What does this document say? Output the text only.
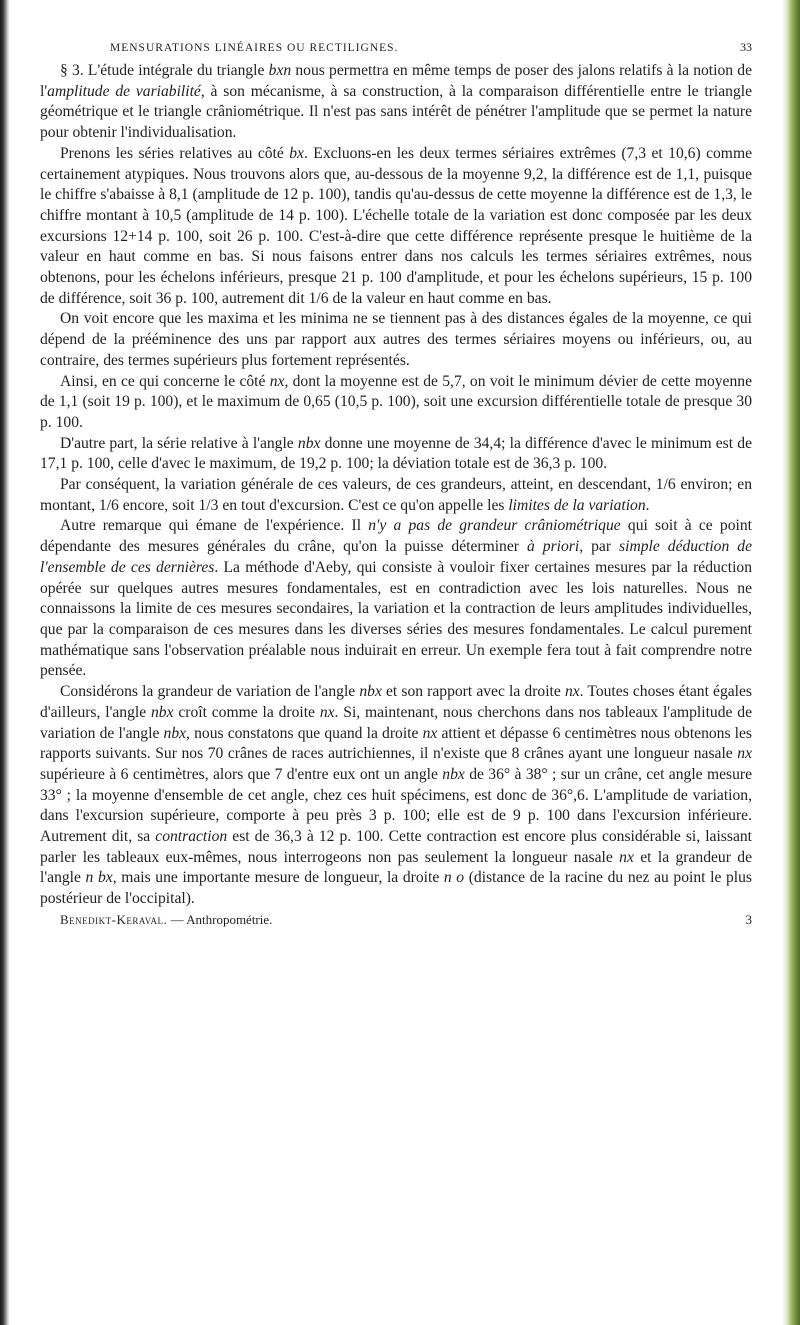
MENSURATIONS LINÉAIRES OU RECTILIGNES.	33

§ 3. L'étude intégrale du triangle bxn nous permettra en même temps de poser des jalons relatifs à la notion de l'amplitude de variabilité, à son mécanisme, à sa construction, à la comparaison différentielle entre le triangle géométrique et le triangle crâniométrique. Il n'est pas sans intérêt de pénétrer l'amplitude que se permet la nature pour obtenir l'individualisation.

Prenons les séries relatives au côté bx. Excluons-en les deux termes sériaires extrêmes (7,3 et 10,6) comme certainement atypiques. Nous trouvons alors que, au-dessous de la moyenne 9,2, la différence est de 1,1, puisque le chiffre s'abaisse à 8,1 (amplitude de 12 p. 100), tandis qu'au-dessus de cette moyenne la différence est de 1,3, le chiffre montant à 10,5 (amplitude de 14 p. 100). L'échelle totale de la variation est donc composée par les deux excursions 12+14 p. 100, soit 26 p. 100. C'est-à-dire que cette différence représente presque le huitième de la valeur en haut comme en bas. Si nous faisons entrer dans nos calculs les termes sériaires extrêmes, nous obtenons, pour les échelons inférieurs, presque 21 p. 100 d'amplitude, et pour les échelons supérieurs, 15 p. 100 de différence, soit 36 p. 100, autrement dit 1/6 de la valeur en haut comme en bas.

On voit encore que les maxima et les minima ne se tiennent pas à des distances égales de la moyenne, ce qui dépend de la prééminence des uns par rapport aux autres des termes sériaires moyens ou inférieurs, ou, au contraire, des termes supérieurs plus fortement représentés.

Ainsi, en ce qui concerne le côté nx, dont la moyenne est de 5,7, on voit le minimum dévier de cette moyenne de 1,1 (soit 19 p. 100), et le maximum de 0,65 (10,5 p. 100), soit une excursion différentielle totale de presque 30 p. 100.

D'autre part, la série relative à l'angle nbx donne une moyenne de 34,4; la différence d'avec le minimum est de 17,1 p. 100, celle d'avec le maximum, de 19,2 p. 100; la déviation totale est de 36,3 p. 100.

Par conséquent, la variation générale de ces valeurs, de ces grandeurs, atteint, en descendant, 1/6 environ; en montant, 1/6 encore, soit 1/3 en tout d'excursion. C'est ce qu'on appelle les limites de la variation.

Autre remarque qui émane de l'expérience. Il n'y a pas de grandeur crâniométrique qui soit à ce point dépendante des mesures générales du crâne, qu'on la puisse déterminer à priori, par simple déduction de l'ensemble de ces dernières. La méthode d'Aeby, qui consiste à vouloir fixer certaines mesures par la réduction opérée sur quelques autres mesures fondamentales, est en contradiction avec les lois naturelles. Nous ne connaissons la limite de ces mesures secondaires, la variation et la contraction de leurs amplitudes individuelles, que par la comparaison de ces mesures dans les diverses séries des mesures fondamentales. Le calcul purement mathématique sans l'observation préalable nous induirait en erreur. Un exemple fera tout à fait comprendre notre pensée.

Considérons la grandeur de variation de l'angle nbx et son rapport avec la droite nx. Toutes choses étant égales d'ailleurs, l'angle nbx croît comme la droite nx. Si, maintenant, nous cherchons dans nos tableaux l'amplitude de variation de l'angle nbx, nous constatons que quand la droite nx attient et dépasse 6 centimètres nous obtenons les rapports suivants. Sur nos 70 crânes de races autrichiennes, il n'existe que 8 crânes ayant une longueur nasale nx supérieure à 6 centimètres, alors que 7 d'entre eux ont un angle nbx de 36° à 38° ; sur un crâne, cet angle mesure 33° ; la moyenne d'ensemble de cet angle, chez ces huit spécimens, est donc de 36°,6. L'amplitude de variation, dans l'excursion supérieure, comporte à peu près 3 p. 100; elle est de 9 p. 100 dans l'excursion inférieure. Autrement dit, sa contraction est de 36,3 à 12 p. 100. Cette contraction est encore plus considérable si, laissant parler les tableaux eux-mêmes, nous interrogeons non pas seulement la longueur nasale nx et la grandeur de l'angle n bx, mais une importante mesure de longueur, la droite n o (distance de la racine du nez au point le plus postérieur de l'occipital).

Benedikt-Keraval. — Anthropométrie.	3
